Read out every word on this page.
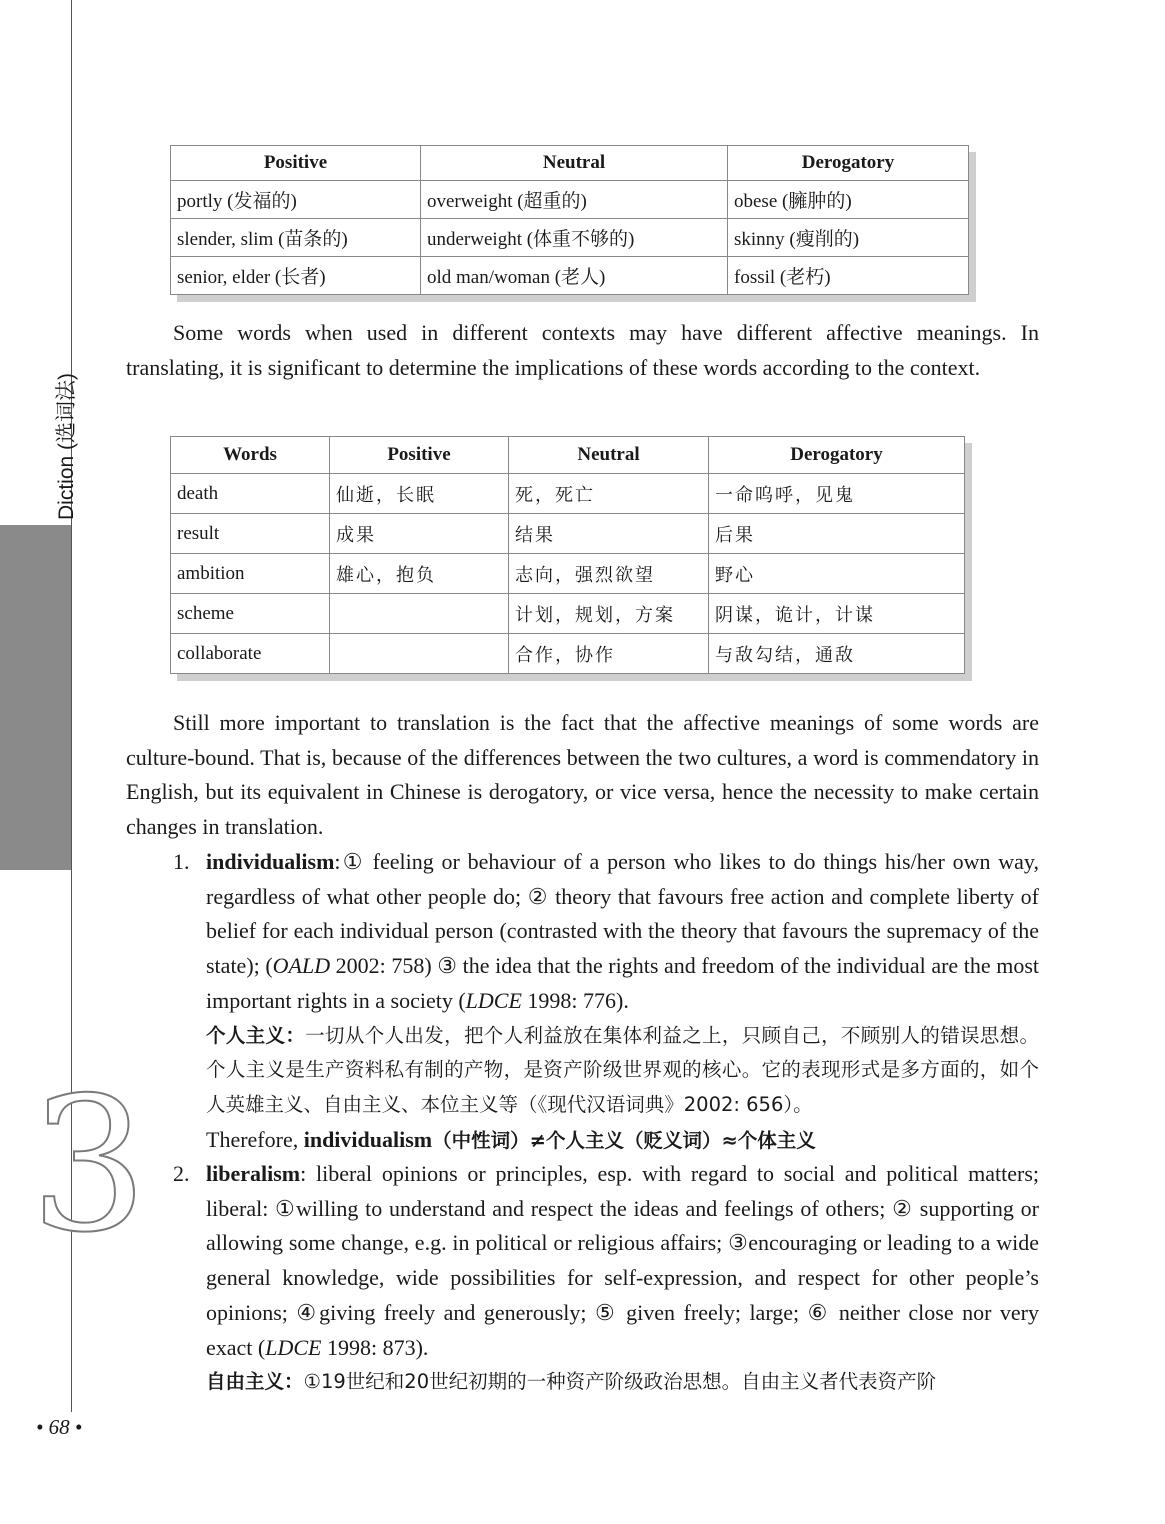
3
CHAPTER
Diction (选词法)
Positive	Neutral	Derogatory
portly (发福的)	overweight (超重的)	obese (臃肿的)
slender, slim (苗条的)	underweight (体重不够的)	skinny (瘦削的)
senior, elder (长者)	old man/woman (老人)	fossil (老朽)

Some words when used in different contexts may have different affective meanings. In translating, it is significant to determine the implications of these words according to the context.

Words	Positive	Neutral	Derogatory
death	仙逝，长眠	死，死亡	一命呜呼，见鬼
result	成果	结果	后果
ambition	雄心，抱负	志向，强烈欲望	野心
scheme		计划，规划，方案	阴谋，诡计，计谋
collaborate		合作，协作	与敌勾结，通敌

Still more important to translation is the fact that the affective meanings of some words are culture-bound. That is, because of the differences between the two cultures, a word is commendatory in English, but its equivalent in Chinese is derogatory, or vice versa, hence the necessity to make certain changes in translation.

1. individualism:① feeling or behaviour of a person who likes to do things his/her own way, regardless of what other people do; ② theory that favours free action and complete liberty of belief for each individual person (contrasted with the theory that favours the supremacy of the state); (OALD 2002: 758) ③ the idea that the rights and freedom of the individual are the most important rights in a society (LDCE 1998: 776).
个人主义：一切从个人出发，把个人利益放在集体利益之上，只顾自己，不顾别人的错误思想。个人主义是生产资料私有制的产物，是资产阶级世界观的核心。它的表现形式是多方面的，如个人英雄主义、自由主义、本位主义等（《现代汉语词典》2002: 656）。
Therefore, individualism（中性词）≠个人主义（贬义词）≈个体主义
2. liberalism: liberal opinions or principles, esp. with regard to social and political matters; liberal: ①willing to understand and respect the ideas and feelings of others; ② supporting or allowing some change, e.g. in political or religious affairs; ③encouraging or leading to a wide general knowledge, wide possibilities for self-expression, and respect for other people’s opinions; ④giving freely and generously; ⑤ given freely; large; ⑥ neither close nor very exact (LDCE 1998: 873).
自由主义：①19世纪和20世纪初期的一种资产阶级政治思想。自由主义者代表资产阶
• 68 •
